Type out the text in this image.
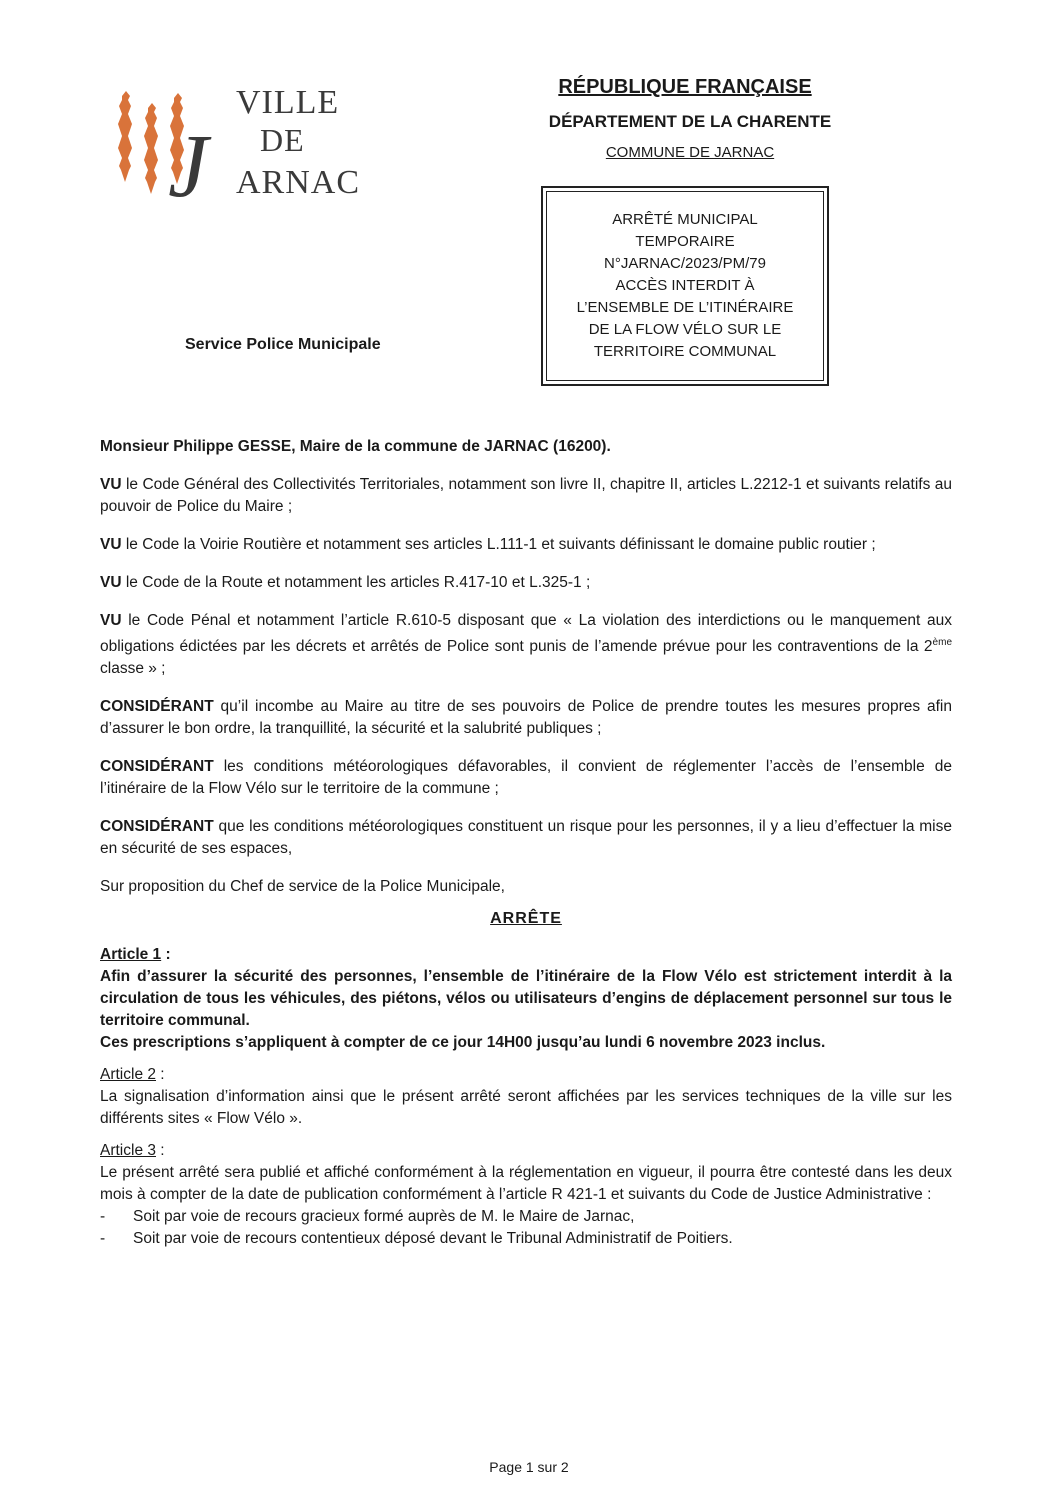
VILLE
DE
J ARNAC
RÉPUBLIQUE FRANÇAISE
DÉPARTEMENT DE LA CHARENTE
COMMUNE DE JARNAC
ARRÊTÉ MUNICIPAL
TEMPORAIRE
N°JARNAC/2023/PM/79
ACCÈS INTERDIT À
L’ENSEMBLE DE L’ITINÉRAIRE
DE LA FLOW VÉLO SUR LE
TERRITOIRE COMMUNAL
Service Police Municipale

Monsieur Philippe GESSE, Maire de la commune de JARNAC (16200).

VU le Code Général des Collectivités Territoriales, notamment son livre II, chapitre II, articles L.2212-1 et suivants relatifs au pouvoir de Police du Maire ;

VU le Code la Voirie Routière et notamment ses articles L.111-1 et suivants définissant le domaine public routier ;

VU le Code de la Route et notamment les articles R.417-10 et L.325-1 ;

VU le Code Pénal et notamment l’article R.610-5 disposant que « La violation des interdictions ou le manquement aux obligations édictées par les décrets et arrêtés de Police sont punis de l’amende prévue pour les contraventions de la 2ème classe » ;

CONSIDÉRANT qu’il incombe au Maire au titre de ses pouvoirs de Police de prendre toutes les mesures propres afin d’assurer le bon ordre, la tranquillité, la sécurité et la salubrité publiques ;

CONSIDÉRANT les conditions météorologiques défavorables, il convient de réglementer l’accès de l’ensemble de l’itinéraire de la Flow Vélo sur le territoire de la commune ;

CONSIDÉRANT que les conditions météorologiques constituent un risque pour les personnes, il y a lieu d’effectuer la mise en sécurité de ses espaces,

Sur proposition du Chef de service de la Police Municipale,

ARRÊTE

Article 1 :

Afin d’assurer la sécurité des personnes, l’ensemble de l’itinéraire de la Flow Vélo est strictement interdit à la circulation de tous les véhicules, des piétons, vélos ou utilisateurs d’engins de déplacement personnel sur tous le territoire communal.

Ces prescriptions s’appliquent à compter de ce jour 14H00 jusqu’au lundi 6 novembre 2023 inclus.

Article 2 :

La signalisation d’information ainsi que le présent arrêté seront affichées par les services techniques de la ville sur les différents sites « Flow Vélo ».

Article 3 :

Le présent arrêté sera publié et affiché conformément à la réglementation en vigueur, il pourra être contesté dans les deux mois à compter de la date de publication conformément à l’article R 421-1 et suivants du Code de Justice Administrative :

- Soit par voie de recours gracieux formé auprès de M. le Maire de Jarnac,
- Soit par voie de recours contentieux déposé devant le Tribunal Administratif de Poitiers.
Page 1 sur 2
